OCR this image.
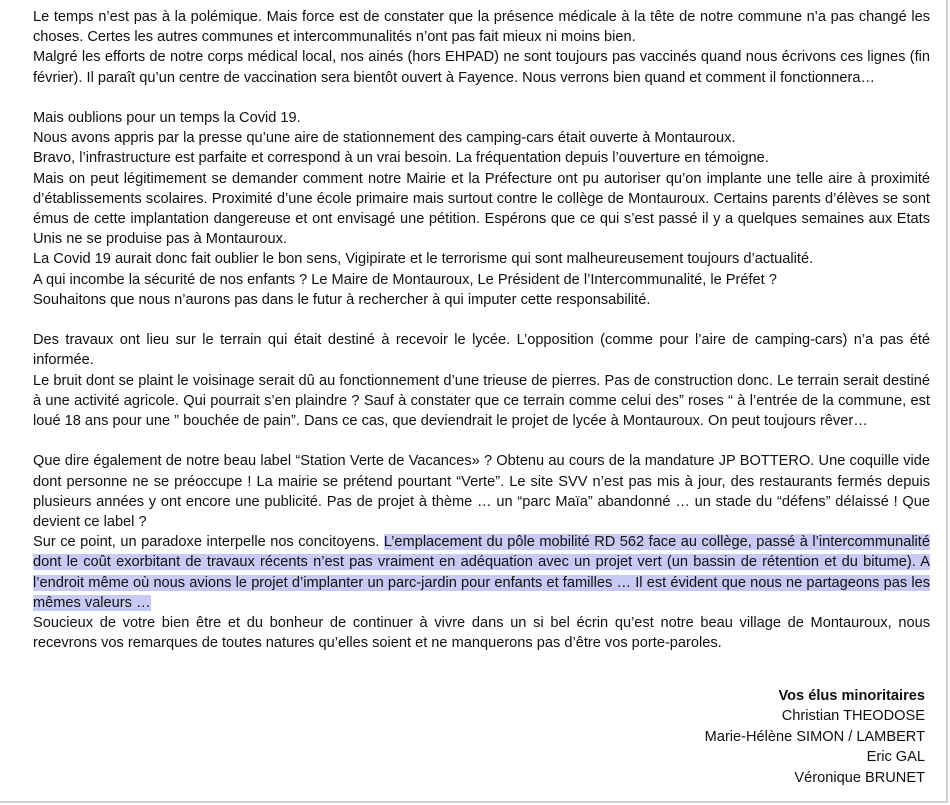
Le temps n’est pas à la polémique. Mais force est de constater que la présence médicale à la tête de notre commune n’a pas changé les choses. Certes les autres communes et intercommunalités n’ont pas fait mieux ni moins bien.

Malgré les efforts de notre corps médical local, nos ainés (hors EHPAD) ne sont toujours pas vaccinés quand nous écrivons ces lignes (fin février). Il paraît qu’un centre de vaccination sera bientôt ouvert à Fayence. Nous verrons bien quand et comment il fonctionnera…

Mais oublions pour un temps la Covid 19.

Nous avons appris par la presse qu’une aire de stationnement des camping-cars était ouverte à Montauroux.

Bravo, l’infrastructure est parfaite et correspond à un vrai besoin. La fréquentation depuis l’ouverture en témoigne.

Mais on peut légitimement se demander comment notre Mairie et la Préfecture ont pu autoriser qu’on implante une telle aire à proximité d’établissements scolaires. Proximité d’une école primaire mais surtout contre le collège de Montauroux. Certains parents d’élèves se sont émus de cette implantation dangereuse et ont envisagé une pétition. Espérons que ce qui s’est passé il y a quelques semaines aux Etats Unis ne se produise pas à Montauroux.

La Covid 19 aurait donc fait oublier le bon sens, Vigipirate et le terrorisme qui sont malheureusement toujours d’actualité.

A qui incombe la sécurité de nos enfants ? Le Maire de Montauroux, Le Président de l’Intercommunalité, le Préfet ?

Souhaitons que nous n’aurons pas dans le futur à rechercher à qui imputer cette responsabilité.

Des travaux ont lieu sur le terrain qui était destiné à recevoir le lycée. L’opposition (comme pour l’aire de camping-cars) n’a pas été informée.

Le bruit dont se plaint le voisinage serait dû au fonctionnement d’une trieuse de pierres. Pas de construction donc. Le terrain serait destiné à une activité agricole. Qui pourrait s’en plaindre ? Sauf à constater que ce terrain comme celui des” roses “ à l’entrée de la commune, est loué 18 ans pour une ” bouchée de pain”. Dans ce cas, que deviendrait le projet de lycée à Montauroux. On peut toujours rêver…

Que dire également de notre beau label “Station Verte de Vacances» ? Obtenu au cours de la mandature JP BOTTERO. Une coquille vide dont personne ne se préoccupe ! La mairie se prétend pourtant “Verte”. Le site SVV n’est pas mis à jour, des restaurants fermés depuis plusieurs années y ont encore une publicité. Pas de projet à thème … un “parc Maïa” abandonné … un stade du “défens” délaissé ! Que devient ce label ?

Sur ce point, un paradoxe interpelle nos concitoyens. L’emplacement du pôle mobilité RD 562 face au collège, passé à l’intercommunalité dont le coût exorbitant de travaux récents n’est pas vraiment en adéquation avec un projet vert (un bassin de rétention et du bitume). A l’endroit même où nous avions le projet d’implanter un parc-jardin pour enfants et familles … Il est évident que nous ne partageons pas les mêmes valeurs …

Soucieux de votre bien être et du bonheur de continuer à vivre dans un si bel écrin qu’est notre beau village de Montauroux, nous recevrons vos remarques de toutes natures qu’elles soient et ne manquerons pas d’être vos porte-paroles.

Vos élus minoritaires
Christian THEODOSE
Marie-Hélène SIMON / LAMBERT
Eric GAL
Véronique BRUNET
